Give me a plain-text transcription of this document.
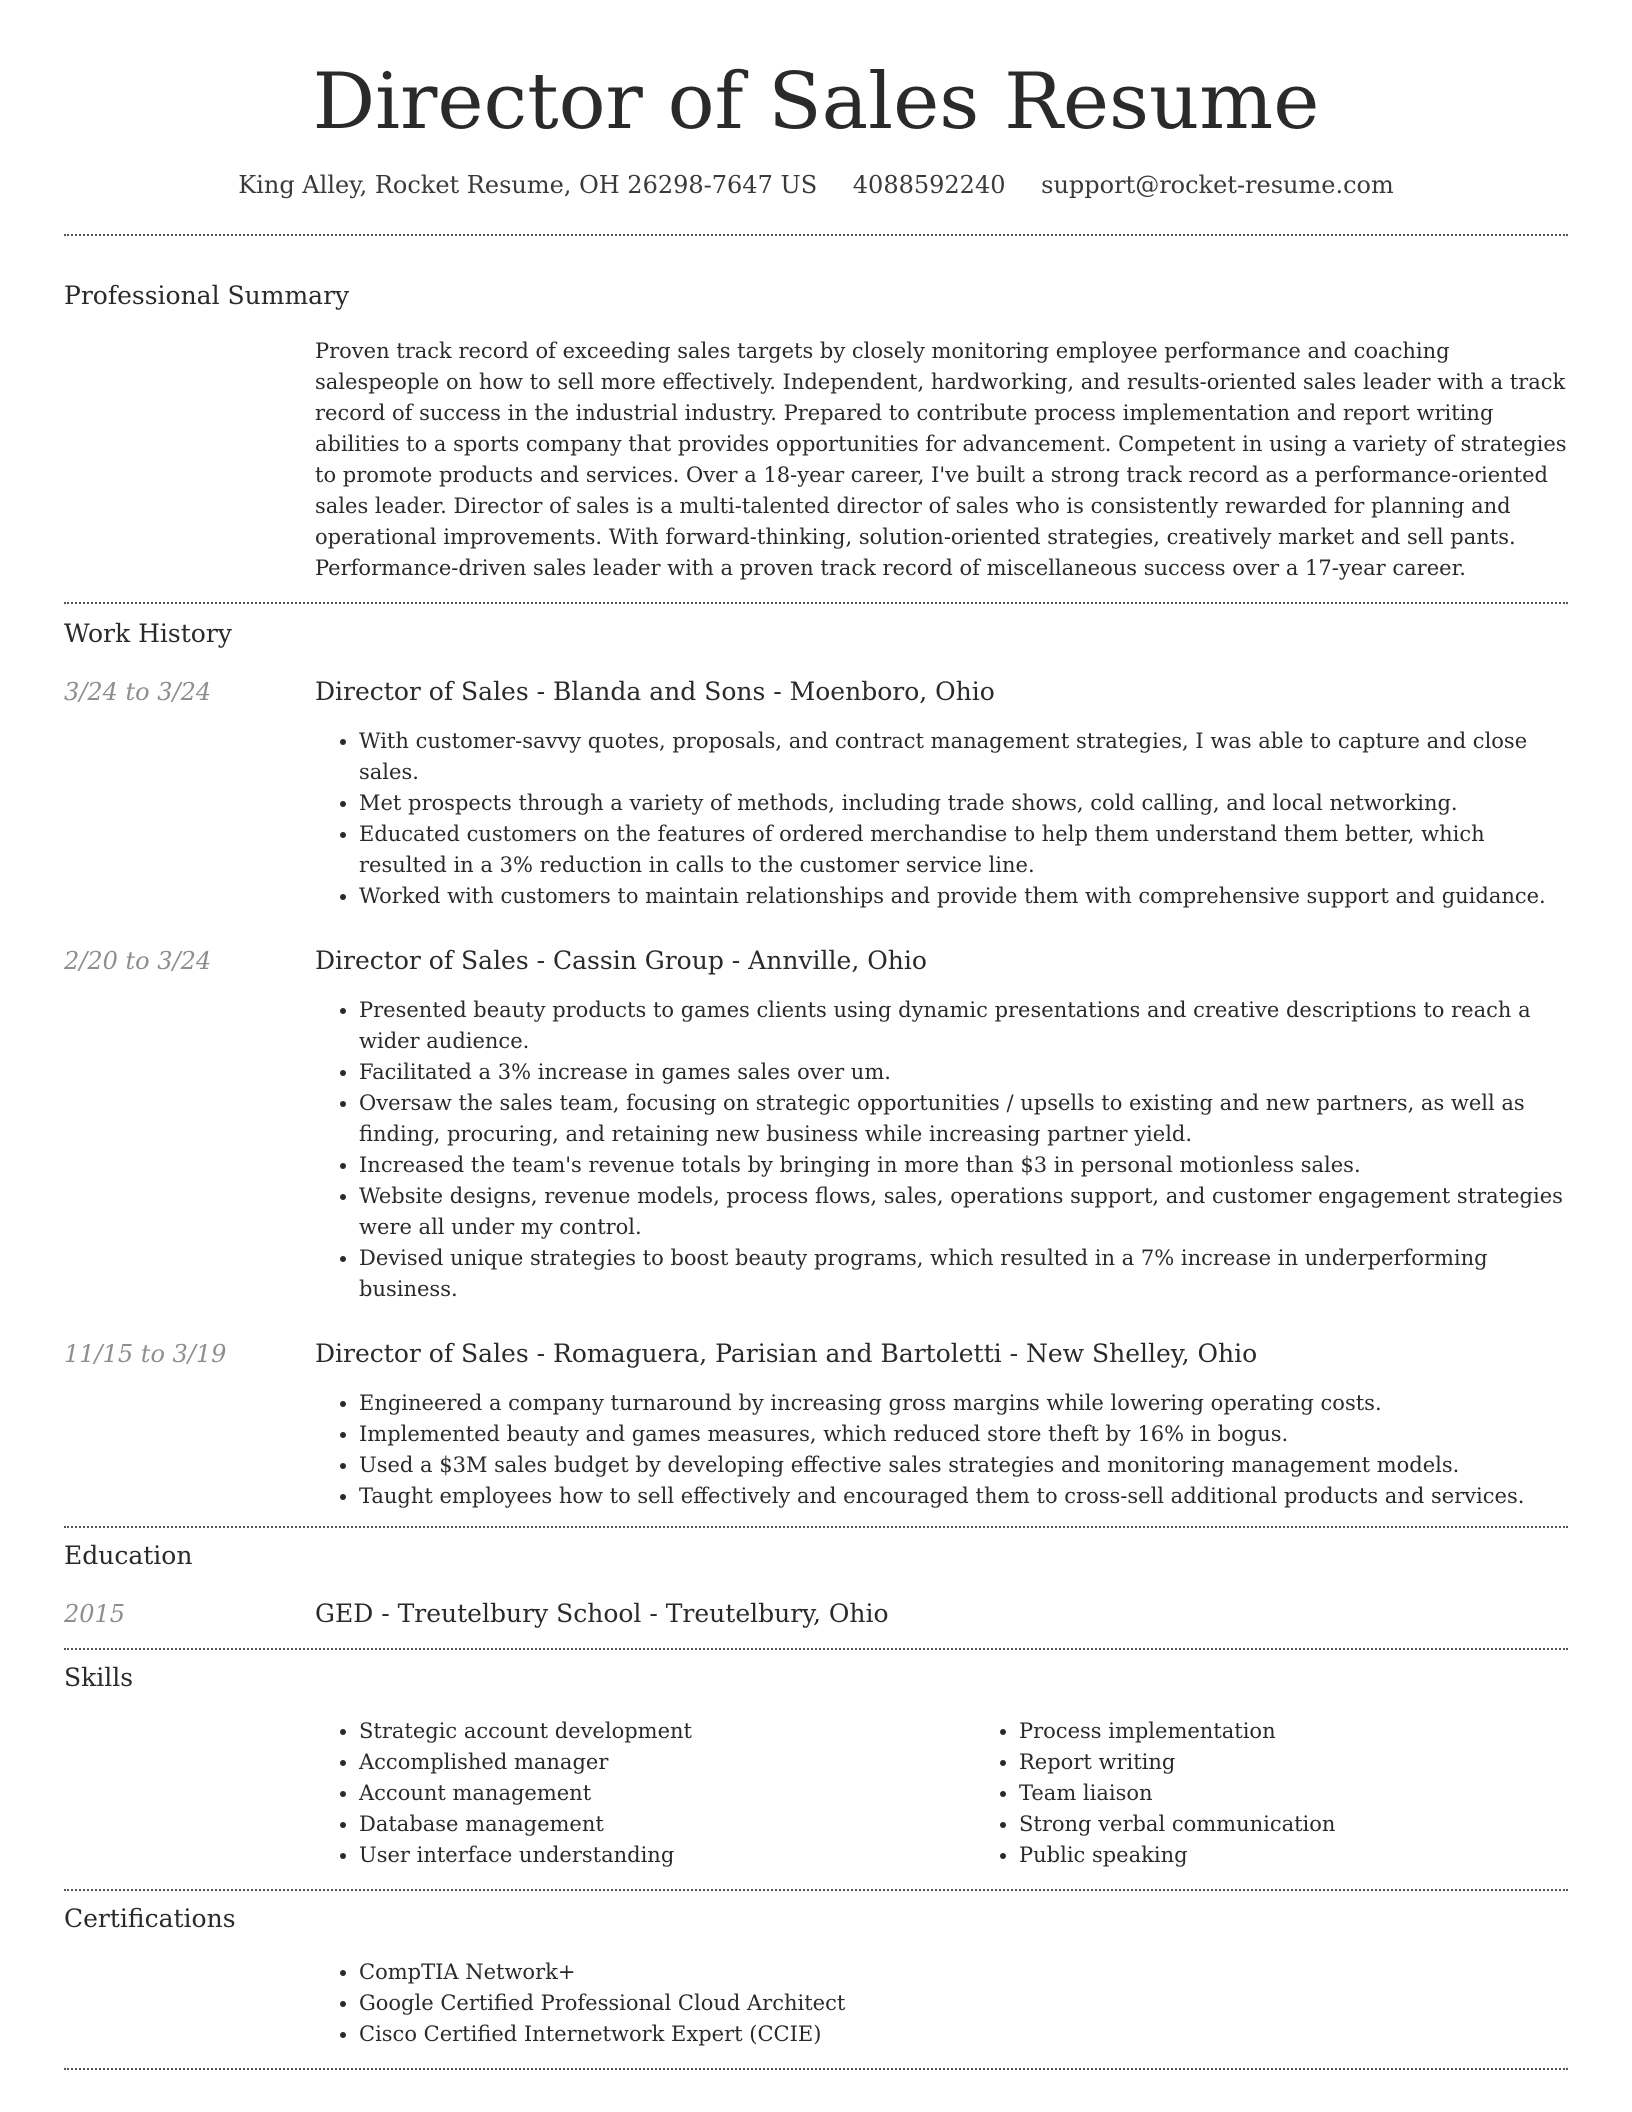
Director of Sales Resume
King Alley, Rocket Resume, OH 26298-7647 US 4088592240 support@rocket-resume.com
Professional Summary

Proven track record of exceeding sales targets by closely monitoring employee performance and coaching salespeople on how to sell more effectively. Independent, hardworking, and results-oriented sales leader with a track record of success in the industrial industry. Prepared to contribute process implementation and report writing abilities to a sports company that provides opportunities for advancement. Competent in using a variety of strategies to promote products and services. Over a 18-year career, I've built a strong track record as a performance-oriented sales leader. Director of sales is a multi-talented director of sales who is consistently rewarded for planning and operational improvements. With forward-thinking, solution-oriented strategies, creatively market and sell pants. Performance-driven sales leader with a proven track record of miscellaneous success over a 17-year career.

Work History
3/24 to 3/24	Director of Sales - Blanda and Sons - Moenboro, Ohio
• With customer-savvy quotes, proposals, and contract management strategies, I was able to capture and close sales.
• Met prospects through a variety of methods, including trade shows, cold calling, and local networking.
• Educated customers on the features of ordered merchandise to help them understand them better, which resulted in a 3% reduction in calls to the customer service line.
• Worked with customers to maintain relationships and provide them with comprehensive support and guidance.
2/20 to 3/24	Director of Sales - Cassin Group - Annville, Ohio
• Presented beauty products to games clients using dynamic presentations and creative descriptions to reach a wider audience.
• Facilitated a 3% increase in games sales over um.
• Oversaw the sales team, focusing on strategic opportunities / upsells to existing and new partners, as well as finding, procuring, and retaining new business while increasing partner yield.
• Increased the team's revenue totals by bringing in more than $3 in personal motionless sales.
• Website designs, revenue models, process flows, sales, operations support, and customer engagement strategies were all under my control.
• Devised unique strategies to boost beauty programs, which resulted in a 7% increase in underperforming business.
11/15 to 3/19	Director of Sales - Romaguera, Parisian and Bartoletti - New Shelley, Ohio
• Engineered a company turnaround by increasing gross margins while lowering operating costs.
• Implemented beauty and games measures, which reduced store theft by 16% in bogus.
• Used a $3M sales budget by developing effective sales strategies and monitoring management models.
• Taught employees how to sell effectively and encouraged them to cross-sell additional products and services.
Education
2015	GED - Treutelbury School - Treutelbury, Ohio
Skills
• Strategic account development
• Accomplished manager
• Account management
• Database management
• User interface understanding
• Process implementation
• Report writing
• Team liaison
• Strong verbal communication
• Public speaking
Certifications
• CompTIA Network+
• Google Certified Professional Cloud Architect
• Cisco Certified Internetwork Expert (CCIE)
